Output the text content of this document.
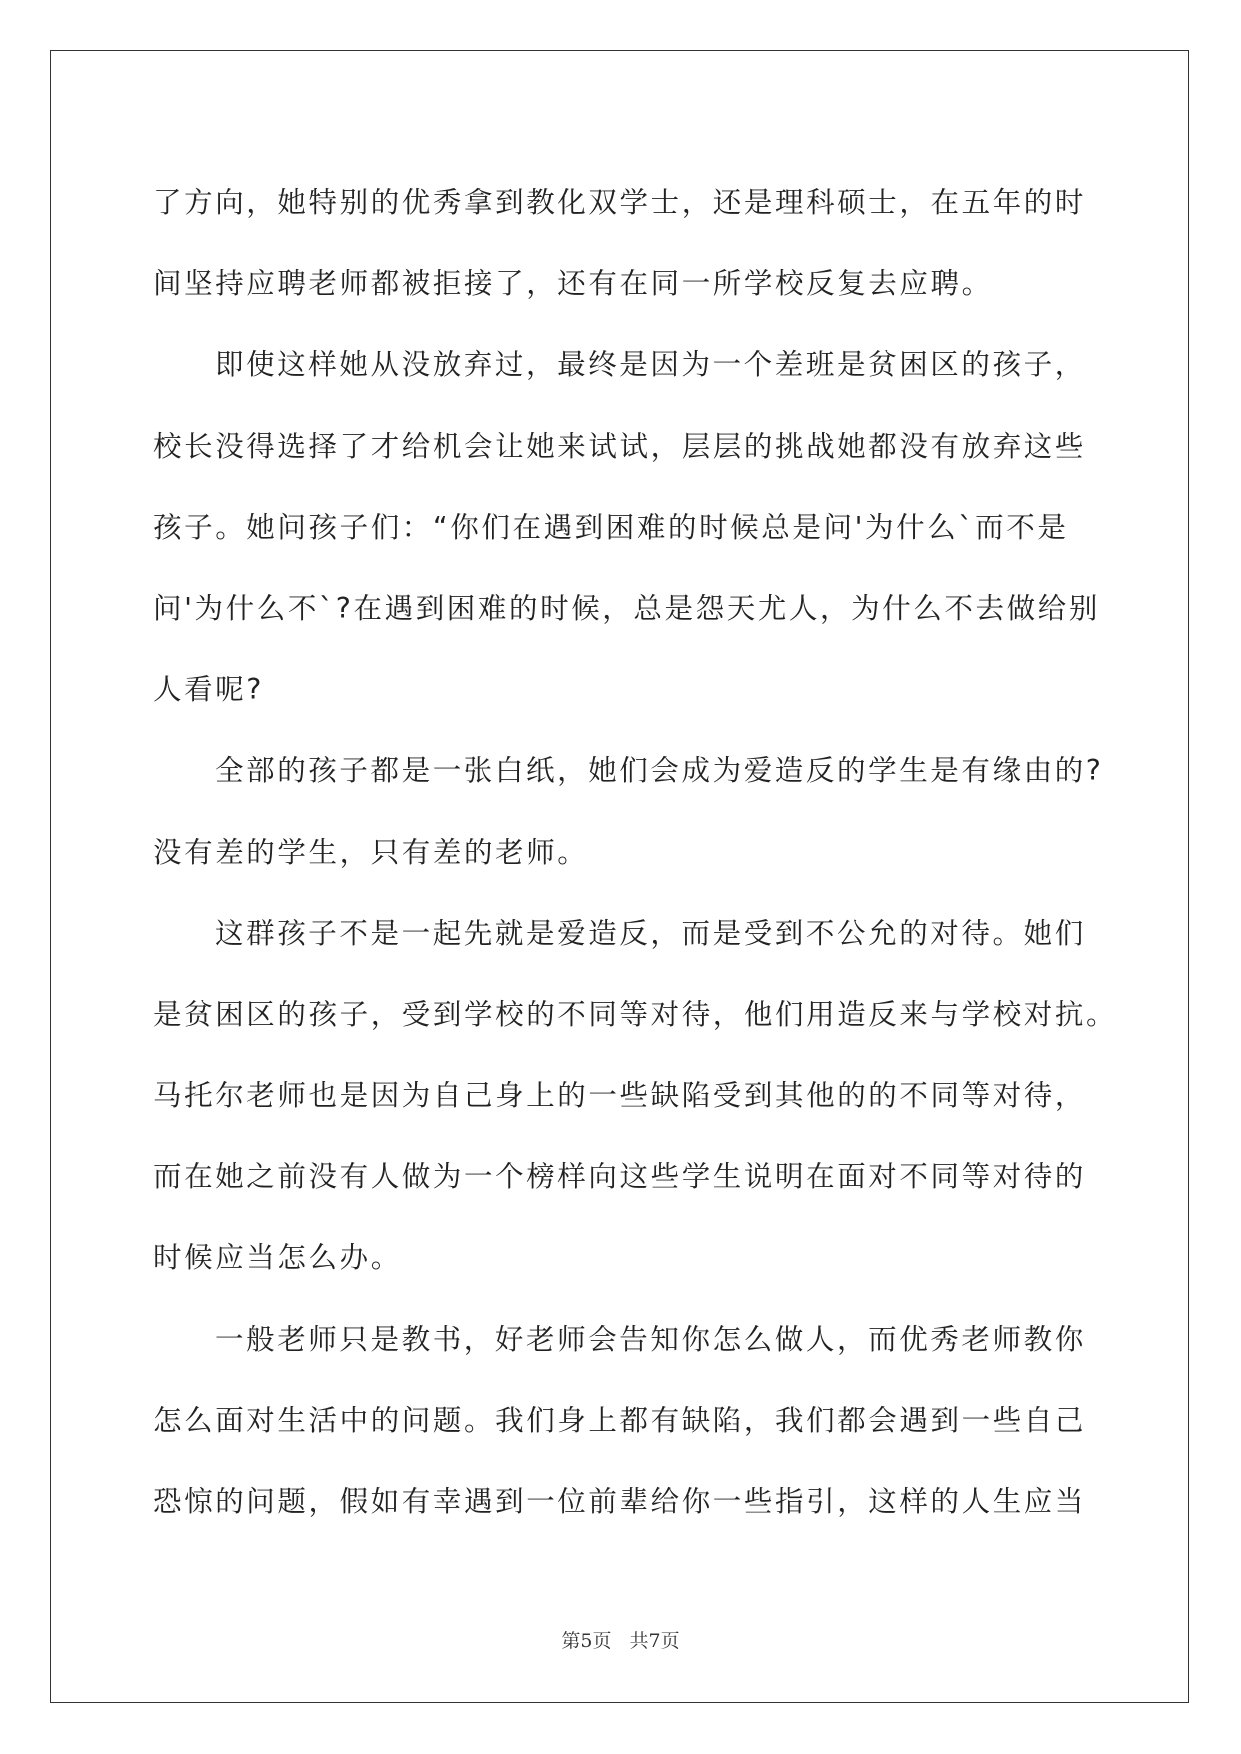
了方向，她特别的优秀拿到教化双学士，还是理科硕士，在五年的时
间坚持应聘老师都被拒接了，还有在同一所学校反复去应聘。
即使这样她从没放弃过，最终是因为一个差班是贫困区的孩子，
校长没得选择了才给机会让她来试试，层层的挑战她都没有放弃这些
孩子。她问孩子们：“你们在遇到困难的时候总是问'为什么`而不是
问'为什么不`?在遇到困难的时候，总是怨天尤人，为什么不去做给别
人看呢?
全部的孩子都是一张白纸，她们会成为爱造反的学生是有缘由的?
没有差的学生，只有差的老师。
这群孩子不是一起先就是爱造反，而是受到不公允的对待。她们
是贫困区的孩子，受到学校的不同等对待，他们用造反来与学校对抗。
马托尔老师也是因为自己身上的一些缺陷受到其他的的不同等对待，
而在她之前没有人做为一个榜样向这些学生说明在面对不同等对待的
时候应当怎么办。
一般老师只是教书，好老师会告知你怎么做人，而优秀老师教你
怎么面对生活中的问题。我们身上都有缺陷，我们都会遇到一些自己
恐惊的问题，假如有幸遇到一位前辈给你一些指引，这样的人生应当
第5页 共7页
